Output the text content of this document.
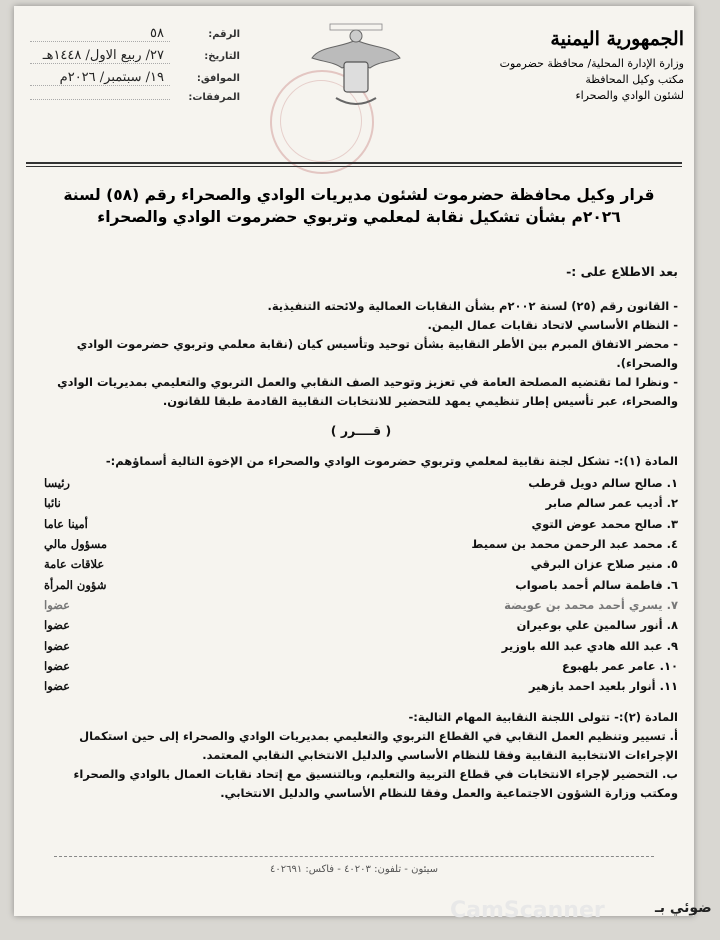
الرقم:
٥٨
التاريخ:
٢٧/ ربيع الاول/ ١٤٤٨هـ
الموافق:
١٩/ سبتمبر/ ٢٠٢٦م
المرفقات:
الجمهورية اليمنية
وزارة الإدارة المحلية/ محافظة حضرموت
مكتب وكيل المحافظة
لشئون الوادي والصحراء
قرار وكيل محافظة حضرموت لشئون مديريات الوادي والصحراء رقم (٥٨) لسنة
٢٠٢٦م بشأن تشكيل نقابة لمعلمي وتربوي حضرموت الوادي والصحراء
بعد الاطلاع على :-

- القانون رقم (٢٥) لسنة ٢٠٠٢م بشأن النقابات العمالية ولائحته التنفيذية.

- النظام الأساسي لاتحاد نقابات عمال اليمن.

- محضر الاتفاق المبرم بين الأطر النقابية بشأن توحيد وتأسيس كيان (نقابة معلمي وتربوي حضرموت الوادي والصحراء).

- ونظرا لما تقتضيه المصلحة العامة في تعزيز وتوحيد الصف النقابي والعمل التربوي والتعليمي بمديريات الوادي والصحراء، عبر تأسيس إطار تنظيمي يمهد للتحضير للانتخابات النقابية القادمة طبقا للقانون.

( قــــرر )

المادة (١):- تشكل لجنة نقابية لمعلمي وتربوي حضرموت الوادي والصحراء من الإخوة التالية أسماؤهم:-

١. صالح سالم دويل قرطب
رئيسا
٢. أديب عمر سالم صابر
نائبا
٣. صالح محمد عوض التوي
أمينا عاما
٤. محمد عبد الرحمن محمد بن سميط
مسؤول مالي
٥. منير صلاح عزان البرقي
علاقات عامة
٦. فاطمة سالم أحمد باصواب
شؤون المرأة
٧. يسري أحمد محمد بن عويضة
عضوا
٨. أنور سالمين علي بوعيران
عضوا
٩. عبد الله هادي عبد الله باوزير
عضوا
١٠. عامر عمر بلهبوع
عضوا
١١. أنوار بلعيد احمد بازهير
عضوا

المادة (٢):- تتولى اللجنة النقابية المهام التالية:-

أ. تسيير وتنظيم العمل النقابي في القطاع التربوي والتعليمي بمديريات الوادي والصحراء إلى حين استكمال الإجراءات الانتخابية النقابية وفقا للنظام الأساسي والدليل الانتخابي النقابي المعتمد.

ب. التحضير لإجراء الانتخابات في قطاع التربية والتعليم، وبالتنسيق مع إتحاد نقابات العمال بالوادي والصحراء ومكتب وزارة الشؤون الاجتماعية والعمل وفقا للنظام الأساسي والدليل الانتخابي.

سيئون - تلفون: ٤٠٢٠٣ - فاكس: ٤٠٢٦٩١
CamScanner	ضوئي بـ
